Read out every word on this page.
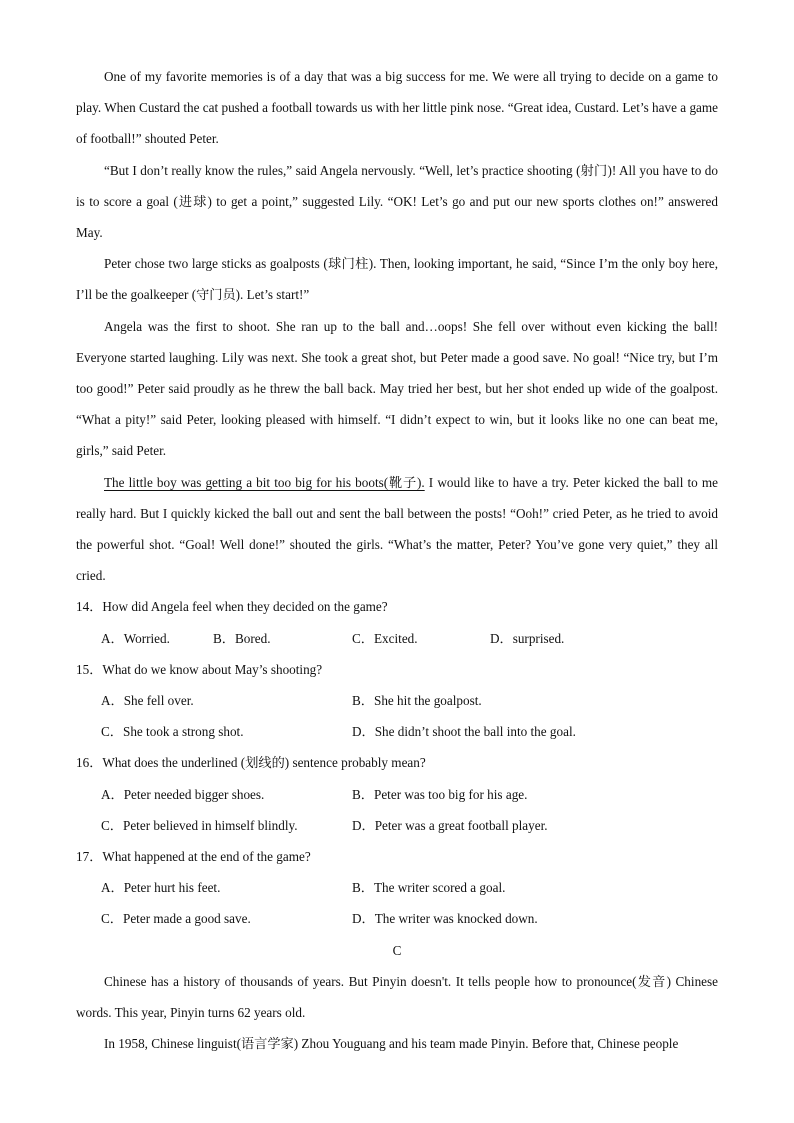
One of my favorite memories is of a day that was a big success for me. We were all trying to decide on a game to play. When Custard the cat pushed a football towards us with her little pink nose. “Great idea, Custard. Let’s have a game of football!” shouted Peter.

“But I don’t really know the rules,” said Angela nervously. “Well, let’s practice shooting (射门)! All you have to do is to score a goal (进球) to get a point,” suggested Lily. “OK! Let’s go and put our new sports clothes on!” answered May.

Peter chose two large sticks as goalposts (球门柱). Then, looking important, he said, “Since I’m the only boy here, I’ll be the goalkeeper (守门员). Let’s start!”

Angela was the first to shoot. She ran up to the ball and…oops! She fell over without even kicking the ball! Everyone started laughing. Lily was next. She took a great shot, but Peter made a good save. No goal! “Nice try, but I’m too good!” Peter said proudly as he threw the ball back. May tried her best, but her shot ended up wide of the goalpost. “What a pity!” said Peter, looking pleased with himself. “I didn’t expect to win, but it looks like no one can beat me, girls,” said Peter.

The little boy was getting a bit too big for his boots(靴子). I would like to have a try. Peter kicked the ball to me really hard. But I quickly kicked the ball out and sent the ball between the posts! “Ooh!” cried Peter, as he tried to avoid the powerful shot. “Goal! Well done!” shouted the girls. “What’s the matter, Peter? You’ve gone very quiet,” they all cried.

14．How did Angela feel when they decided on the game?

A．Worried.	B．Bored.	C．Excited.	D．surprised.

15．What do we know about May’s shooting?

A．She fell over.	B．She hit the goalpost.
C．She took a strong shot.	D．She didn’t shoot the ball into the goal.

16．What does the underlined (划线的) sentence probably mean?

A．Peter needed bigger shoes.	B．Peter was too big for his age.
C．Peter believed in himself blindly.	D．Peter was a great football player.

17．What happened at the end of the game?

A．Peter hurt his feet.	B．The writer scored a goal.
C．Peter made a good save.	D．The writer was knocked down.

C

Chinese has a history of thousands of years. But Pinyin doesn't. It tells people how to pronounce(发音) Chinese words. This year, Pinyin turns 62 years old.

In 1958, Chinese linguist(语言学家) Zhou Youguang and his team made Pinyin. Before that, Chinese people
